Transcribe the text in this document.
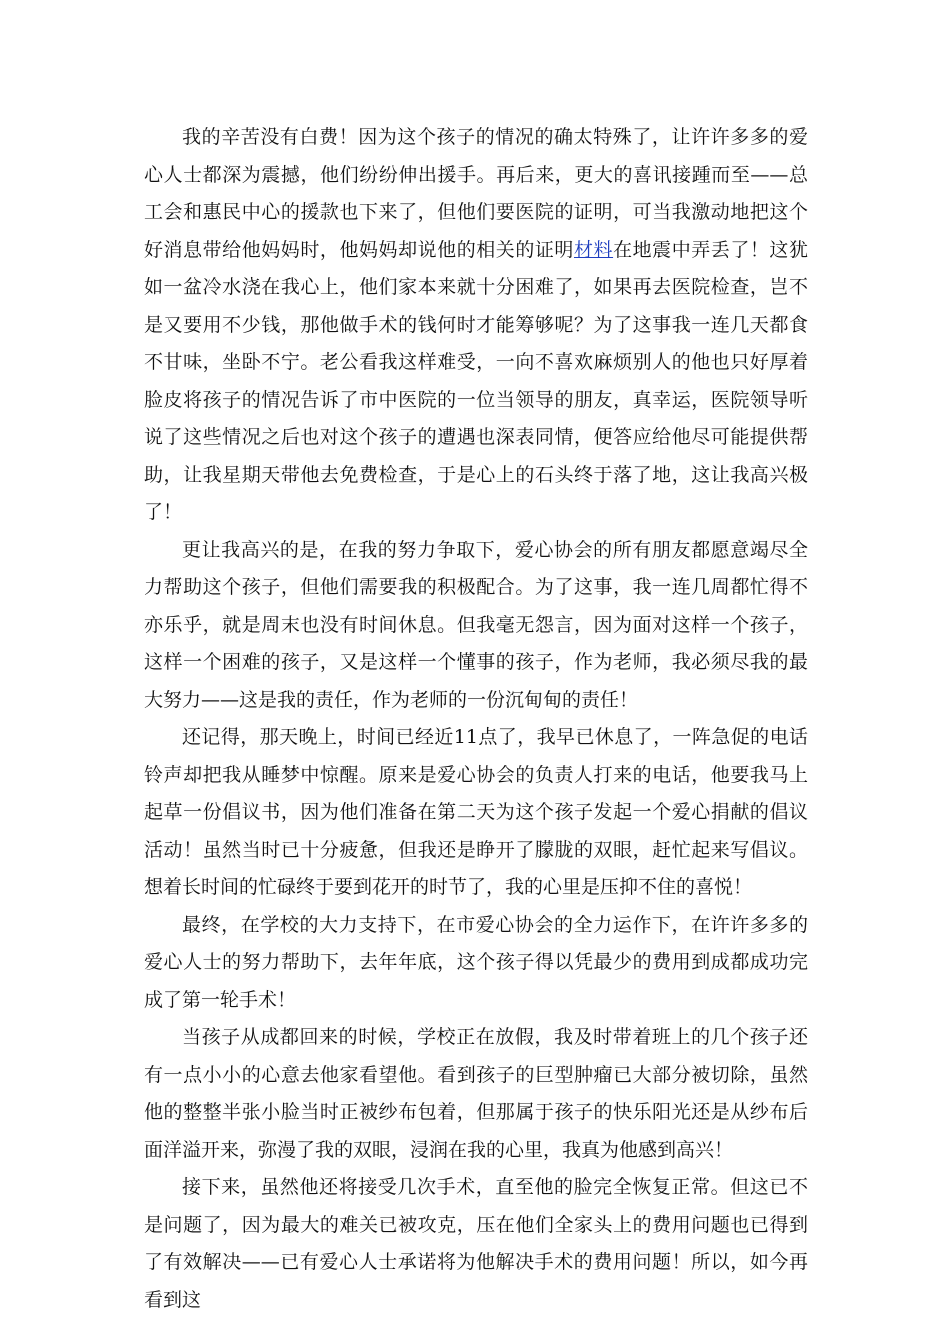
我的辛苦没有白费！因为这个孩子的情况的确太特殊了，让许许多多的爱心人士都深为震撼，他们纷纷伸出援手。再后来，更大的喜讯接踵而至——总工会和惠民中心的援款也下来了，但他们要医院的证明，可当我激动地把这个好消息带给他妈妈时，他妈妈却说他的相关的证明材料在地震中弄丢了！这犹如一盆冷水浇在我心上，他们家本来就十分困难了，如果再去医院检查，岂不是又要用不少钱，那他做手术的钱何时才能筹够呢？为了这事我一连几天都食不甘味，坐卧不宁。老公看我这样难受，一向不喜欢麻烦别人的他也只好厚着脸皮将孩子的情况告诉了市中医院的一位当领导的朋友，真幸运，医院领导听说了这些情况之后也对这个孩子的遭遇也深表同情，便答应给他尽可能提供帮助，让我星期天带他去免费检查，于是心上的石头终于落了地，这让我高兴极了！

更让我高兴的是，在我的努力争取下，爱心协会的所有朋友都愿意竭尽全力帮助这个孩子，但他们需要我的积极配合。为了这事，我一连几周都忙得不亦乐乎，就是周末也没有时间休息。但我毫无怨言，因为面对这样一个孩子，这样一个困难的孩子，又是这样一个懂事的孩子，作为老师，我必须尽我的最大努力——这是我的责任，作为老师的一份沉甸甸的责任！

还记得，那天晚上，时间已经近11点了，我早已休息了，一阵急促的电话铃声却把我从睡梦中惊醒。原来是爱心协会的负责人打来的电话，他要我马上起草一份倡议书，因为他们准备在第二天为这个孩子发起一个爱心捐献的倡议活动！虽然当时已十分疲惫，但我还是睁开了朦胧的双眼，赶忙起来写倡议。想着长时间的忙碌终于要到花开的时节了，我的心里是压抑不住的喜悦！

最终，在学校的大力支持下，在市爱心协会的全力运作下，在许许多多的爱心人士的努力帮助下，去年年底，这个孩子得以凭最少的费用到成都成功完成了第一轮手术！

当孩子从成都回来的时候，学校正在放假，我及时带着班上的几个孩子还有一点小小的心意去他家看望他。看到孩子的巨型肿瘤已大部分被切除，虽然他的整整半张小脸当时正被纱布包着，但那属于孩子的快乐阳光还是从纱布后面洋溢开来，弥漫了我的双眼，浸润在我的心里，我真为他感到高兴！

接下来，虽然他还将接受几次手术，直至他的脸完全恢复正常。但这已不是问题了，因为最大的难关已被攻克，压在他们全家头上的费用问题也已得到了有效解决——已有爱心人士承诺将为他解决手术的费用问题！所以，如今再看到这
